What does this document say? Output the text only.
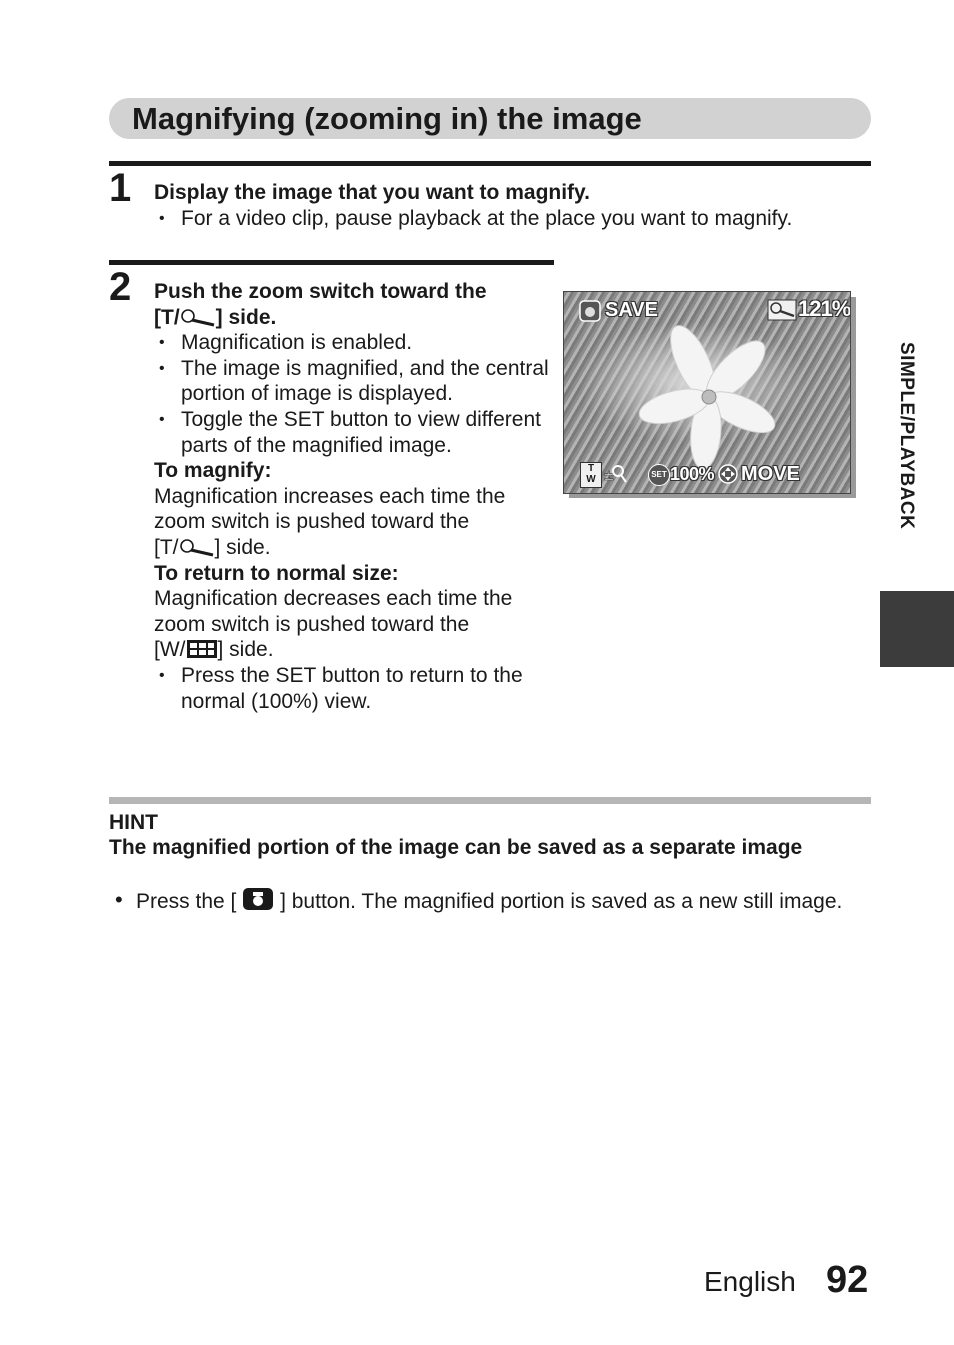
Magnifying (zooming in) the image
1 Display the image that you want to magnify.
• For a video clip, pause playback at the place you want to magnify.
2 Push the zoom switch toward the
[T/ ] side.
• Magnification is enabled.
• The image is magnified, and the central portion of image is displayed.
• Toggle the SET button to view different parts of the magnified image.
To magnify:
Magnification increases each time the zoom switch is pushed toward the
[T/ ] side.
To return to normal size:
Magnification decreases each time the zoom switch is pushed toward the
[W/ ] side.
• Press the SET button to return to the normal (100%) view.
SAVE	121%
T
W ±	SET 100% MOVE
HINT
The magnified portion of the image can be saved as a separate image
• Press the [ ] button. The magnified portion is saved as a new still image.
SIMPLE/PLAYBACK
English 92
